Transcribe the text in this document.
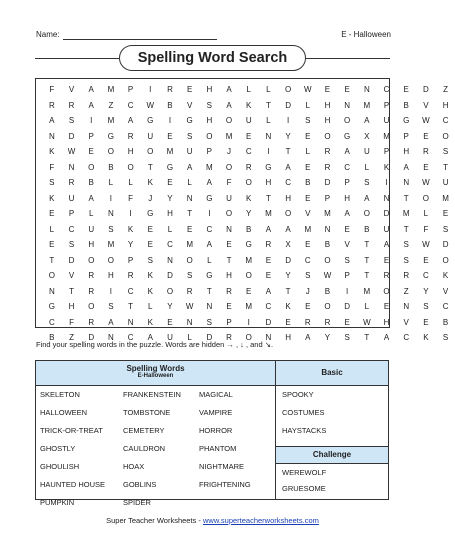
Name:	E - Halloween
Spelling Word Search
F	V	A	M	P	I	R	E	H	A	L	L	O	W	E	E	N	C	E	D	Z
R	R	A	Z	C	W	B	V	S	A	K	T	D	L	H	N	M	P	B	V	H
A	S	I	M	A	G	I	G	H	O	U	L	I	S	H	O	A	U	G	W	C
N	D	P	G	R	U	E	S	O	M	E	N	Y	E	O	G	X	M	P	E	O
K	W	E	O	H	O	M	U	P	J	C	I	T	L	R	A	U	P	H	R	S
F	N	O	B	O	T	G	A	M	O	R	G	A	E	R	C	L	K	A	E	T
S	R	B	L	L	K	E	L	A	F	O	H	C	B	D	P	S	I	N	W	U
K	U	A	I	F	J	Y	N	G	U	K	T	H	E	P	H	A	N	T	O	M
E	P	L	N	I	G	H	T	I	O	Y	M	O	V	M	A	O	D	M	L	E
L	C	U	S	K	E	L	E	C	N	B	A	A	M	N	E	B	U	T	F	S
E	S	H	M	Y	E	C	M	A	E	G	R	X	E	B	V	T	A	S	W	D
T	D	O	O	P	S	N	O	L	T	M	E	D	C	O	S	T	E	S	E	O
O	V	R	H	R	K	D	S	G	H	O	E	Y	S	W	P	T	R	R	C	K
N	T	R	I	C	K	O	R	T	R	E	A	T	J	B	I	M	O	Z	Y	V
G	H	O	S	T	L	Y	W	N	E	M	C	K	E	O	D	L	E	N	S	C
C	F	R	A	N	K	E	N	S	P	I	D	E	R	R	E	W	H	V	E	B
B	Z	D	N	C	A	U	L	D	R	O	N	H	A	Y	S	T	A	C	K	S
Find your spelling words in the puzzle. Words are hidden → , ↓ , and ↘.
Spelling Words
E-Halloween
SKELETON
HALLOWEEN
TRICK-OR-TREAT
GHOSTLY
GHOULISH
HAUNTED HOUSE
PUMPKIN
FRANKENSTEIN
TOMBSTONE
CEMETERY
CAULDRON
HOAX
GOBLINS
SPIDER
MAGICAL
VAMPIRE
HORROR
PHANTOM
NIGHTMARE
FRIGHTENING
Basic
SPOOKY
COSTUMES
HAYSTACKS
Challenge
WEREWOLF
GRUESOME
Super Teacher Worksheets - www.superteacherworksheets.com
